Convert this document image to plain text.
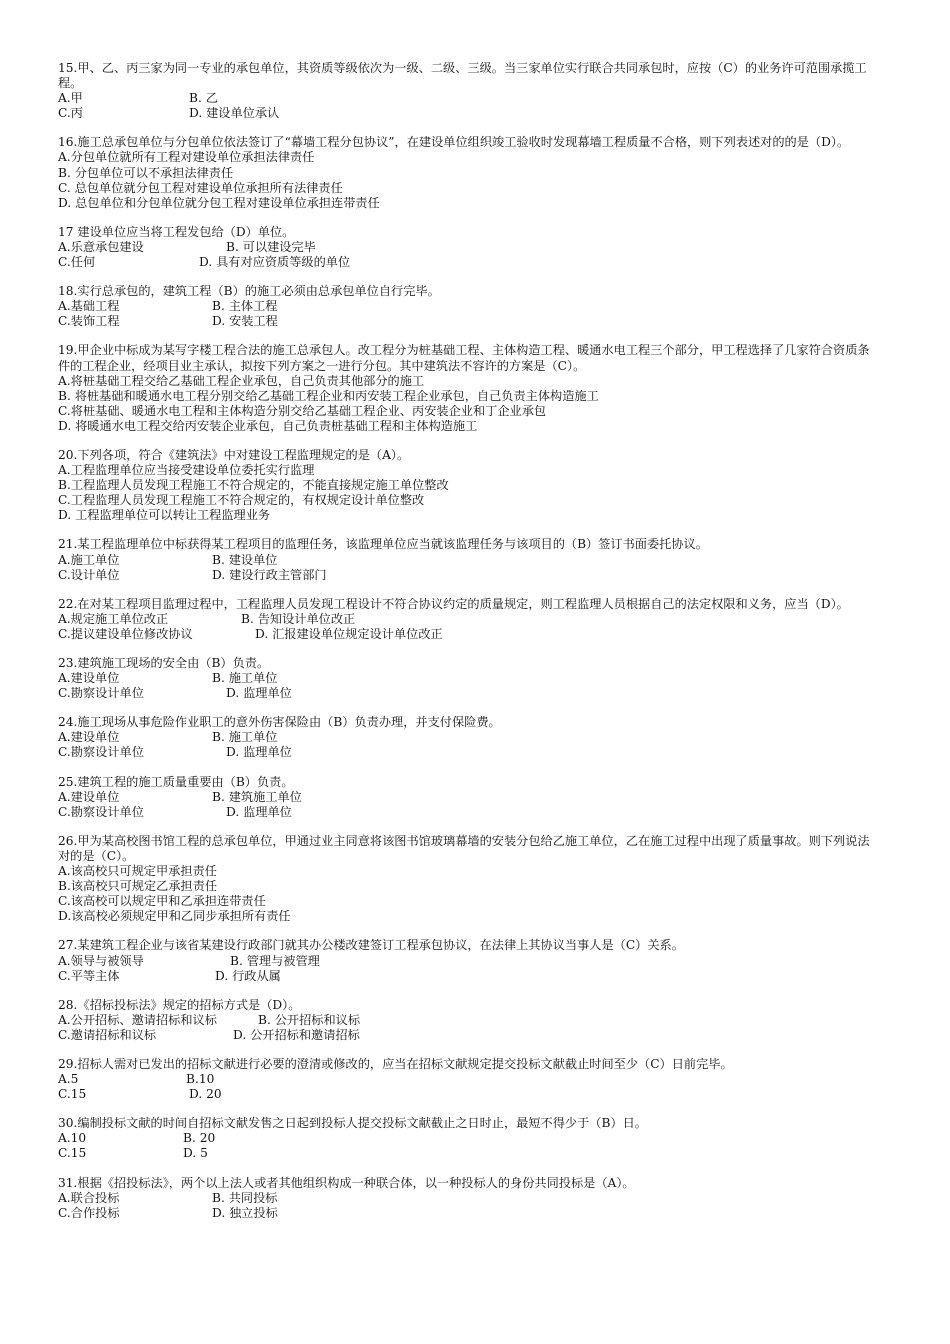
15.甲、乙、丙三家为同一专业的承包单位，其资质等级依次为一级、二级、三级。当三家单位实行联合共同承包时，应按（C）的业务许可范围承揽工程。

A.甲	B. 乙
C.丙	D. 建设单位承认

16.施工总承包单位与分包单位依法签订了“幕墙工程分包协议”，在建设单位组织竣工验收时发现幕墙工程质量不合格，则下列表述对的的是（D）。

A.分包单位就所有工程对建设单位承担法律责任

B. 分包单位可以不承担法律责任

C. 总包单位就分包工程对建设单位承担所有法律责任

D. 总包单位和分包单位就分包工程对建设单位承担连带责任

17 建设单位应当将工程发包给（D）单位。

A.乐意承包建设	B. 可以建设完毕
C.任何	D. 具有对应资质等级的单位

18.实行总承包的，建筑工程（B）的施工必须由总承包单位自行完毕。

A.基础工程	B. 主体工程
C.装饰工程	D. 安装工程

19.甲企业中标成为某写字楼工程合法的施工总承包人。改工程分为桩基础工程、主体构造工程、暖通水电工程三个部分，甲工程选择了几家符合资质条件的工程企业，经项目业主承认，拟按下列方案之一进行分包。其中建筑法不容许的方案是（C）。

A.将桩基础工程交给乙基础工程企业承包，自己负责其他部分的施工

B. 将桩基础和暖通水电工程分别交给乙基础工程企业和丙安装工程企业承包，自己负责主体构造施工

C.将桩基础、暖通水电工程和主体构造分别交给乙基础工程企业、丙安装企业和丁企业承包

D. 将暖通水电工程交给丙安装企业承包，自己负责桩基础工程和主体构造施工

20.下列各项，符合《建筑法》中对建设工程监理规定的是（A）。

A.工程监理单位应当接受建设单位委托实行监理

B.工程监理人员发现工程施工不符合规定的，不能直接规定施工单位整改

C.工程监理人员发现工程施工不符合规定的，有权规定设计单位整改

D. 工程监理单位可以转让工程监理业务

21.某工程监理单位中标获得某工程项目的监理任务，该监理单位应当就该监理任务与该项目的（B）签订书面委托协议。

A.施工单位	B. 建设单位
C.设计单位	D. 建设行政主管部门

22.在对某工程项目监理过程中，工程监理人员发现工程设计不符合协议约定的质量规定，则工程监理人员根据自己的法定权限和义务，应当（D）。

A.规定施工单位改正	B. 告知设计单位改正
C.提议建设单位修改协议	D. 汇报建设单位规定设计单位改正

23.建筑施工现场的安全由（B）负责。

A.建设单位	B. 施工单位
C.勘察设计单位	D. 监理单位

24.施工现场从事危险作业职工的意外伤害保险由（B）负责办理，并支付保险费。

A.建设单位	B. 施工单位
C.勘察设计单位	D. 监理单位

25.建筑工程的施工质量重要由（B）负责。

A.建设单位	B. 建筑施工单位
C.勘察设计单位	D. 监理单位

26.甲为某高校图书馆工程的总承包单位，甲通过业主同意将该图书馆玻璃幕墙的安装分包给乙施工单位，乙在施工过程中出现了质量事故。则下列说法对的是（C）。

A.该高校只可规定甲承担责任

B.该高校只可规定乙承担责任

C.该高校可以规定甲和乙承担连带责任

D.该高校必须规定甲和乙同步承担所有责任

27.某建筑工程企业与该省某建设行政部门就其办公楼改建签订工程承包协议，在法律上其协议当事人是（C）关系。

A.领导与被领导	B. 管理与被管理
C.平等主体	D. 行政从属

28.《招标投标法》规定的招标方式是（D）。

A.公开招标、邀请招标和议标	B. 公开招标和议标
C.邀请招标和议标	D. 公开招标和邀请招标

29.招标人需对已发出的招标文献进行必要的澄清或修改的，应当在招标文献规定提交投标文献截止时间至少（C）日前完毕。

A.5	B.10
C.15	D. 20

30.编制投标文献的时间自招标文献发售之日起到投标人提交投标文献截止之日时止，最短不得少于（B）日。

A.10	B. 20
C.15	D. 5

31.根据《招投标法》，两个以上法人或者其他组织构成一种联合体，以一种投标人的身份共同投标是（A）。

A.联合投标	B. 共同投标
C.合作投标	D. 独立投标
